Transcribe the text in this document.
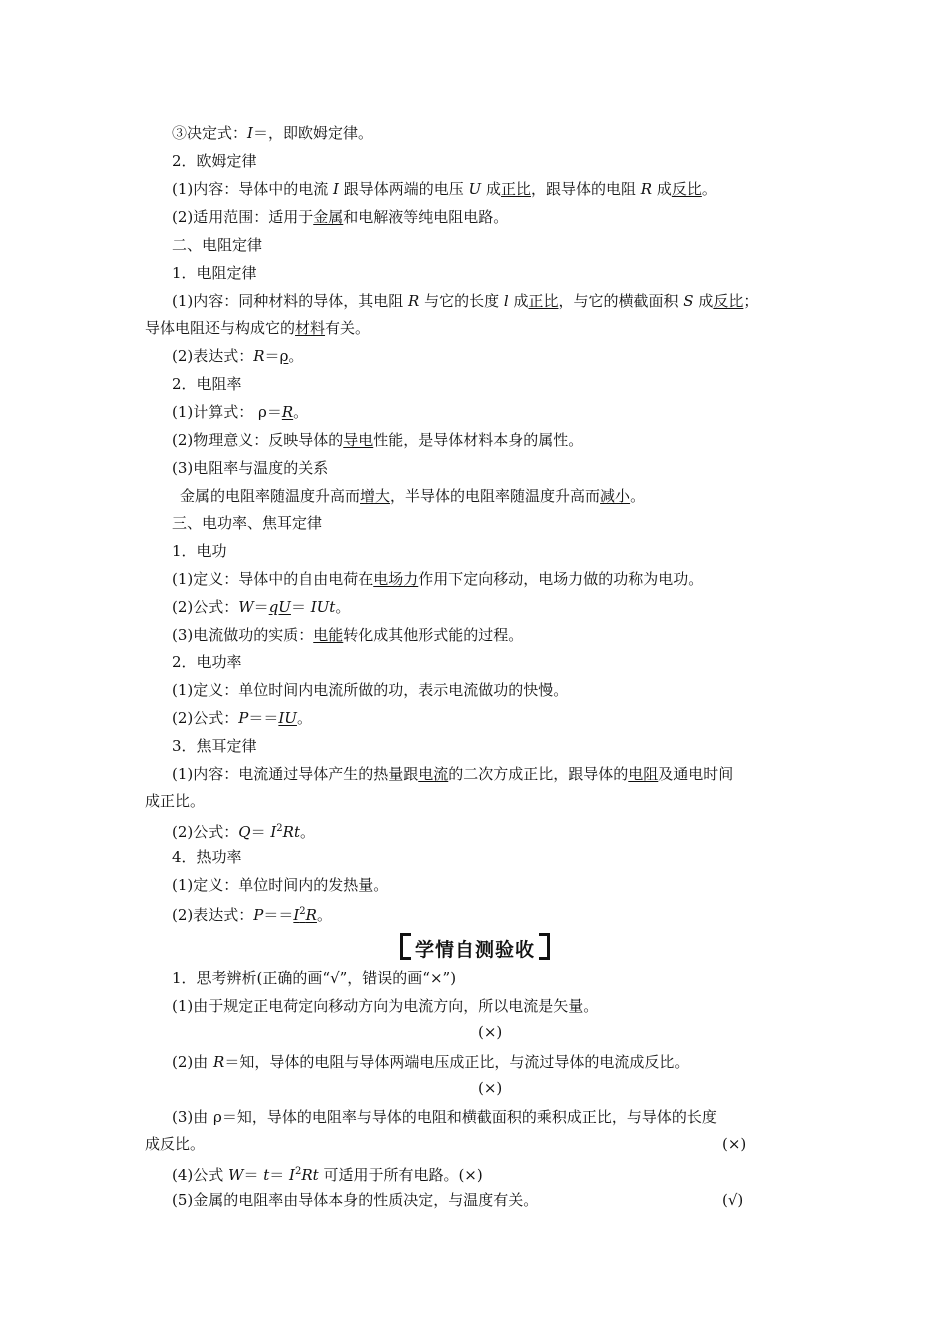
③决定式：I＝，即欧姆定律。
2．欧姆定律
(1)内容：导体中的电流 I 跟导体两端的电压 U 成正比，跟导体的电阻 R 成反比。
(2)适用范围：适用于金属和电解液等纯电阻电路。
二、电阻定律
1．电阻定律
(1)内容：同种材料的导体，其电阻 R 与它的长度 l 成正比，与它的横截面积 S 成反比；
导体电阻还与构成它的材料有关。
(2)表达式：R＝ρ。
2．电阻率
(1)计算式： ρ＝R。
(2)物理意义：反映导体的导电性能，是导体材料本身的属性。
(3)电阻率与温度的关系
金属的电阻率随温度升高而增大，半导体的电阻率随温度升高而减小。
三、电功率、焦耳定律
1．电功
(1)定义：导体中的自由电荷在电场力作用下定向移动，电场力做的功称为电功。
(2)公式：W＝qU＝ IUt。
(3)电流做功的实质：电能转化成其他形式能的过程。
2．电功率
(1)定义：单位时间内电流所做的功，表示电流做功的快慢。
(2)公式：P＝＝IU。
3．焦耳定律
(1)内容：电流通过导体产生的热量跟电流的二次方成正比，跟导体的电阻及通电时间
成正比。
(2)公式：$Q= I^2Rt$。
4．热功率
(1)定义：单位时间内的发热量。
(2)表达式：$P==I^2R$。
学情自测验收
1．思考辨析(正确的画“√”，错误的画“×”)
(1)由于规定正电荷定向移动方向为电流方向，所以电流是矢量。
(×)
(2)由 R＝知，导体的电阻与导体两端电压成正比，与流过导体的电流成反比。
(×)
(3)由 ρ＝知，导体的电阻率与导体的电阻和横截面积的乘积成正比，与导体的长度
成反比。	(×)
(4)公式 $W= t= I^2Rt$ 可适用于所有电路。(×)
(5)金属的电阻率由导体本身的性质决定，与温度有关。	(√)
